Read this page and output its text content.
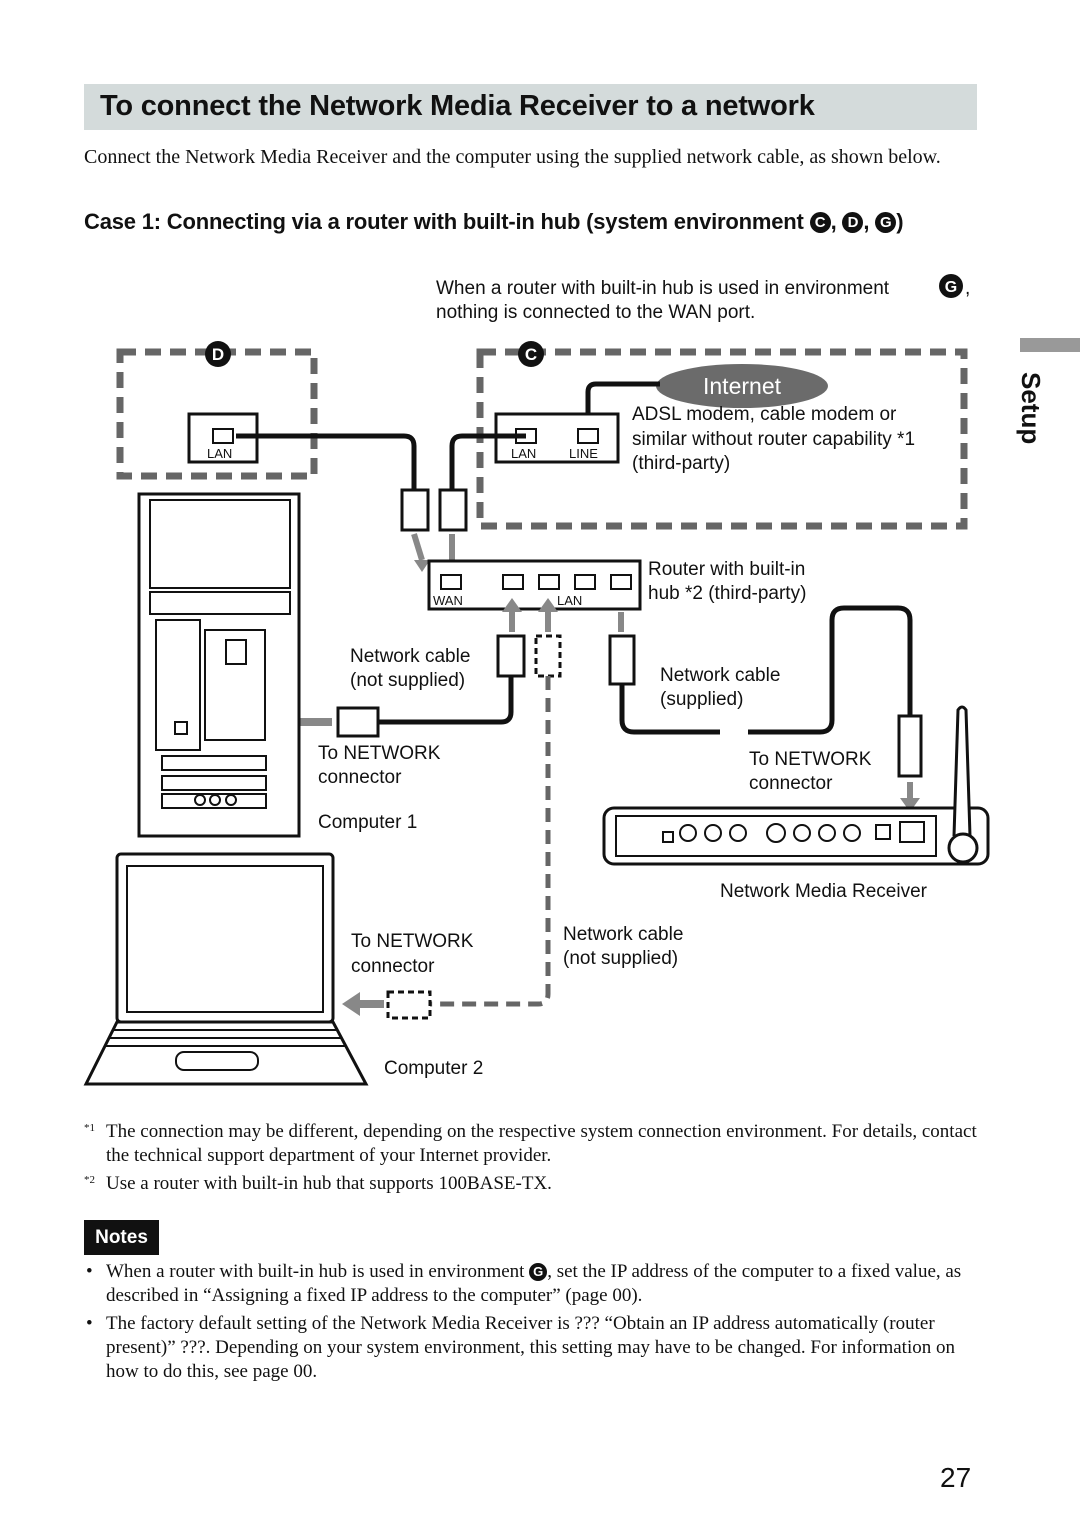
To connect the Network Media Receiver to a network
Connect the Network Media Receiver and the computer using the supplied network cable, as shown below.
Case 1: Connecting via a router with built-in hub (system environment C , D , G )
Setup
When a router with built-in hub is used in environment	G ,
nothing is connected to the WAN port.
D
LAN
C
Internet
LAN	LINE
ADSL modem, cable modem or
similar without router capability *1
(third-party)
WAN	LAN
Router with built-in
hub *2 (third-party)
Network cable
(not supplied)
To NETWORK
connector
Computer 1
Network cable
(supplied)
To NETWORK
connector
Network Media Receiver
To NETWORK
connector
Network cable
(not supplied)
Computer 2
*1 The connection may be different, depending on the respective system connection environment. For details, contact the technical support department of your Internet provider.
*2 Use a router with built-in hub that supports 100BASE-TX.
Notes
• When a router with built-in hub is used in environment G , set the IP address of the computer to a fixed value, as described in “Assigning a fixed IP address to the computer” (page 00).
• The factory default setting of the Network Media Receiver is ??? “Obtain an IP address automatically (router present)” ???. Depending on your system environment, this setting may have to be changed. For information on how to do this, see page 00.
27
